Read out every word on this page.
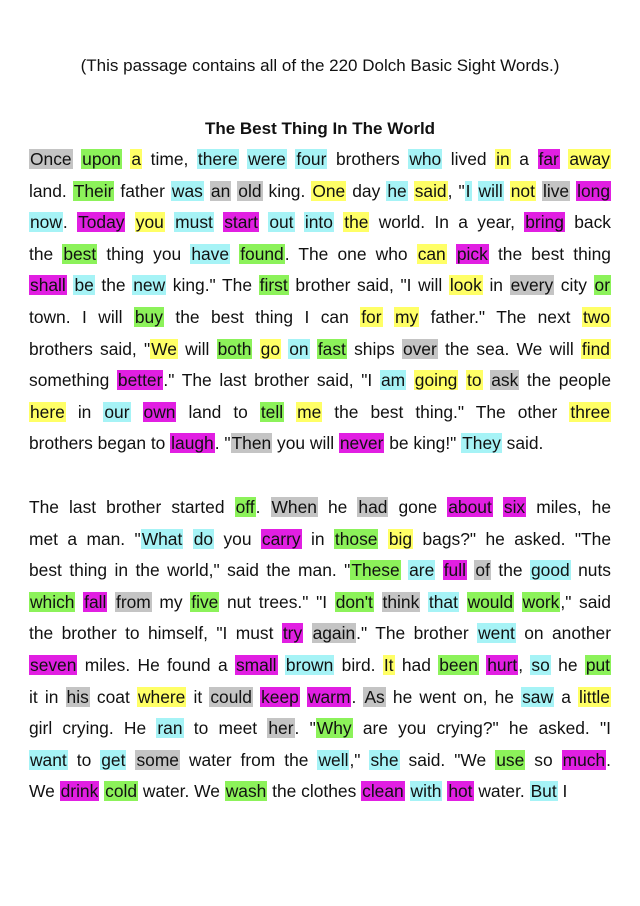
(This passage contains all of the 220 Dolch Basic Sight Words.)
The Best Thing In The World
Once upon a time, there were four brothers who lived in a far away
land. Their father was an old king. One day he said, "I will not live long
now. Today you must start out into the world. In a year, bring back
the best thing you have found. The one who can pick the best thing
shall be the new king." The first brother said, "I will look in every city or
town. I will buy the best thing I can for my father." The next two
brothers said, "We will both go on fast ships over the sea. We will find
something better." The last brother said, "I am going to ask the people
here in our own land to tell me the best thing." The other three
brothers began to laugh. "Then you will never be king!" They said.
The last brother started off. When he had gone about six miles, he
met a man. "What do you carry in those big bags?" he asked. "The
best thing in the world," said the man. "These are full of the good nuts
which fall from my five nut trees." "I don't think that would work," said
the brother to himself, "I must try again." The brother went on another
seven miles. He found a small brown bird. It had been hurt, so he put
it in his coat where it could keep warm. As he went on, he saw a little
girl crying. He ran to meet her. "Why are you crying?" he asked. "I
want to get some water from the well," she said. "We use so much.
We drink cold water. We wash the clothes clean with hot water. But I
